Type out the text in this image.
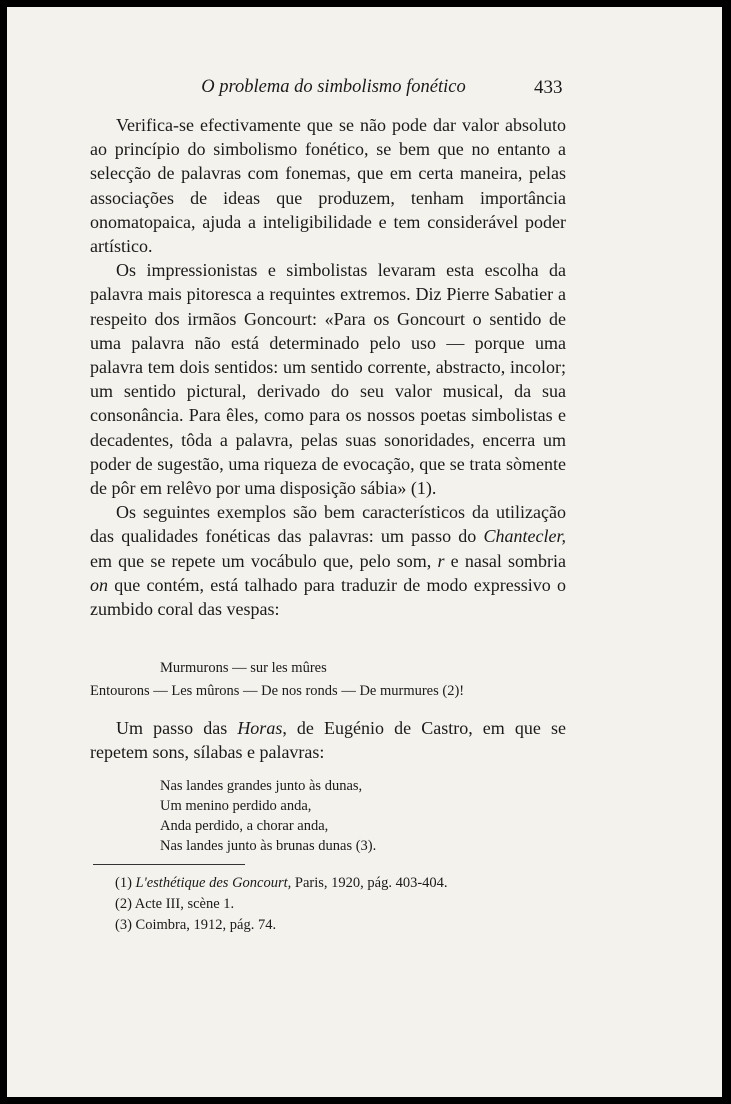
O problema do simbolismo fonético	433

Verifica-se efectivamente que se não pode dar valor absoluto ao princípio do simbolismo fonético, se bem que no entanto a selecção de palavras com fonemas, que em certa maneira, pelas associações de ideas que produzem, tenham importância onomatopaica, ajuda a inteligibilidade e tem considerável poder artístico.

Os impressionistas e simbolistas levaram esta escolha da palavra mais pitoresca a requintes extremos. Diz Pierre Sabatier a respeito dos irmãos Goncourt: «Para os Goncourt o sentido de uma palavra não está determinado pelo uso — porque uma palavra tem dois sentidos: um sentido corrente, abstracto, incolor; um sentido pictural, derivado do seu valor musical, da sua consonância. Para êles, como para os nossos poetas simbolistas e decadentes, tôda a palavra, pelas suas sonoridades, encerra um poder de sugestão, uma riqueza de evocação, que se trata sòmente de pôr em relêvo por uma disposição sábia» (1).

Os seguintes exemplos são bem característicos da utilização das qualidades fonéticas das palavras: um passo do Chantecler, em que se repete um vocábulo que, pelo som, r e nasal sombria on que contém, está talhado para traduzir de modo expressivo o zumbido coral das vespas:

Murmurons — sur les mûres
Entourons — Les mûrons — De nos ronds — De murmures (2)!

Um passo das Horas, de Eugénio de Castro, em que se repetem sons, sílabas e palavras:

Nas landes grandes junto às dunas,
Um menino perdido anda,
Anda perdido, a chorar anda,
Nas landes junto às brunas dunas (3).
(1) L'esthétique des Goncourt, Paris, 1920, pág. 403-404.
(2) Acte III, scène 1.
(3) Coimbra, 1912, pág. 74.
